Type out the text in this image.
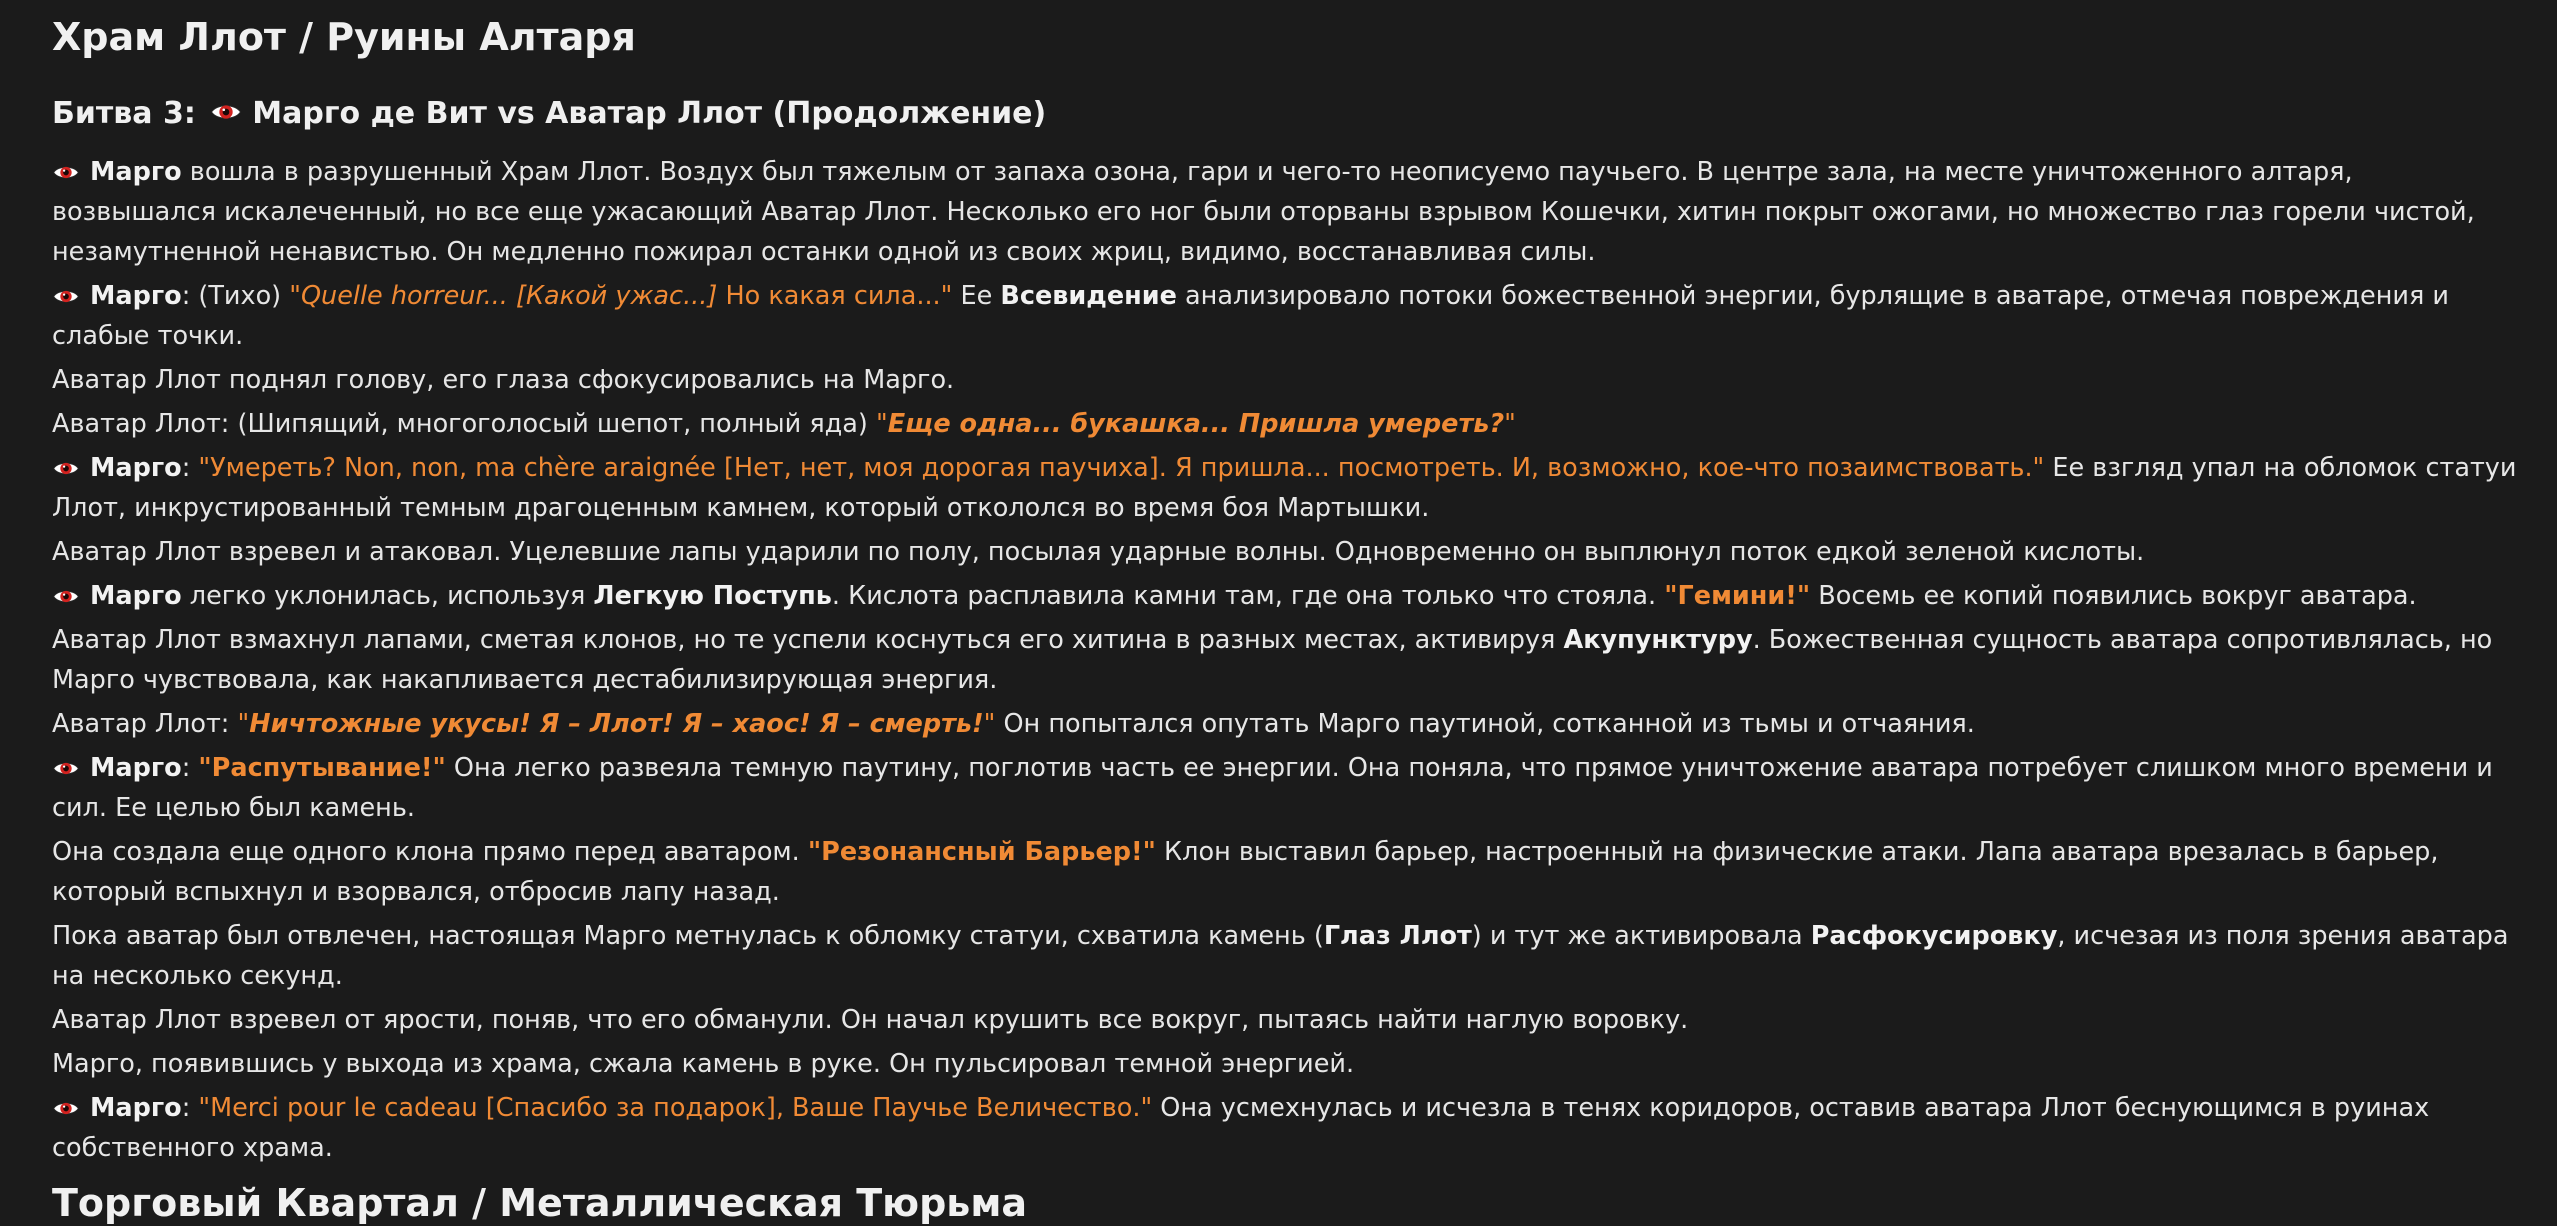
Храм Ллот / Руины Алтаря
Битва 3: Марго де Вит vs Аватар Ллот (Продолжение)

Марго вошла в разрушенный Храм Ллот. Воздух был тяжелым от запаха озона, гари и чего-то неописуемо паучьего. В центре зала, на месте уничтоженного алтаря, возвышался искалеченный, но все еще ужасающий Аватар Ллот. Несколько его ног были оторваны взрывом Кошечки, хитин покрыт ожогами, но множество глаз горели чистой, незамутненной ненавистью. Он медленно пожирал останки одной из своих жриц, видимо, восстанавливая силы.

Марго: (Тихо) "Quelle horreur... [Какой ужас...] Но какая сила..." Ее Всевидение анализировало потоки божественной энергии, бурлящие в аватаре, отмечая повреждения и слабые точки.

Аватар Ллот поднял голову, его глаза сфокусировались на Марго.

Аватар Ллот: (Шипящий, многоголосый шепот, полный яда) "Еще одна... букашка... Пришла умереть?"

Марго: "Умереть? Non, non, ma chère araignée [Нет, нет, моя дорогая паучиха]. Я пришла... посмотреть. И, возможно, кое-что позаимствовать." Ее взгляд упал на обломок статуи Ллот, инкрустированный темным драгоценным камнем, который откололся во время боя Мартышки.

Аватар Ллот взревел и атаковал. Уцелевшие лапы ударили по полу, посылая ударные волны. Одновременно он выплюнул поток едкой зеленой кислоты.

Марго легко уклонилась, используя Легкую Поступь. Кислота расплавила камни там, где она только что стояла. "Гемини!" Восемь ее копий появились вокруг аватара.

Аватар Ллот взмахнул лапами, сметая клонов, но те успели коснуться его хитина в разных местах, активируя Акупунктуру. Божественная сущность аватара сопротивлялась, но Марго чувствовала, как накапливается дестабилизирующая энергия.

Аватар Ллот: "Ничтожные укусы! Я – Ллот! Я – хаос! Я – смерть!" Он попытался опутать Марго паутиной, сотканной из тьмы и отчаяния.

Марго: "Распутывание!" Она легко развеяла темную паутину, поглотив часть ее энергии. Она поняла, что прямое уничтожение аватара потребует слишком много времени и сил. Ее целью был камень.

Она создала еще одного клона прямо перед аватаром. "Резонансный Барьер!" Клон выставил барьер, настроенный на физические атаки. Лапа аватара врезалась в барьер, который вспыхнул и взорвался, отбросив лапу назад.

Пока аватар был отвлечен, настоящая Марго метнулась к обломку статуи, схватила камень (Глаз Ллот) и тут же активировала Расфокусировку, исчезая из поля зрения аватара на несколько секунд.

Аватар Ллот взревел от ярости, поняв, что его обманули. Он начал крушить все вокруг, пытаясь найти наглую воровку.

Марго, появившись у выхода из храма, сжала камень в руке. Он пульсировал темной энергией.

Марго: "Merci pour le cadeau [Спасибо за подарок], Ваше Паучье Величество." Она усмехнулась и исчезла в тенях коридоров, оставив аватара Ллот беснующимся в руинах собственного храма.

Торговый Квартал / Металлическая Тюрьма
